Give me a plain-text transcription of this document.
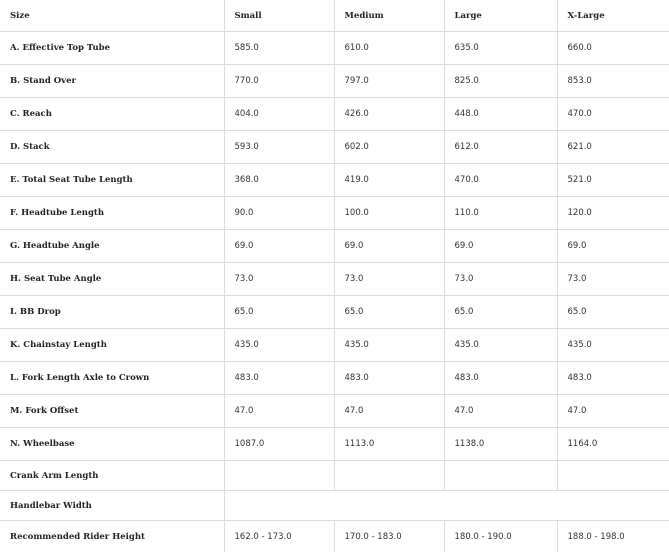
Size	Small	Medium	Large	X-Large
A. Effective Top Tube	585.0	610.0	635.0	660.0
B. Stand Over	770.0	797.0	825.0	853.0
C. Reach	404.0	426.0	448.0	470.0
D. Stack	593.0	602.0	612.0	621.0
E. Total Seat Tube Length	368.0	419.0	470.0	521.0
F. Headtube Length	90.0	100.0	110.0	120.0
G. Headtube Angle	69.0	69.0	69.0	69.0
H. Seat Tube Angle	73.0	73.0	73.0	73.0
I. BB Drop	65.0	65.0	65.0	65.0
K. Chainstay Length	435.0	435.0	435.0	435.0
L. Fork Length Axle to Crown	483.0	483.0	483.0	483.0
M. Fork Offset	47.0	47.0	47.0	47.0
N. Wheelbase	1087.0	1113.0	1138.0	1164.0
Crank Arm Length				
Handlebar Width				
Recommended Rider Height	162.0 - 173.0	170.0 - 183.0	180.0 - 190.0	188.0 - 198.0
